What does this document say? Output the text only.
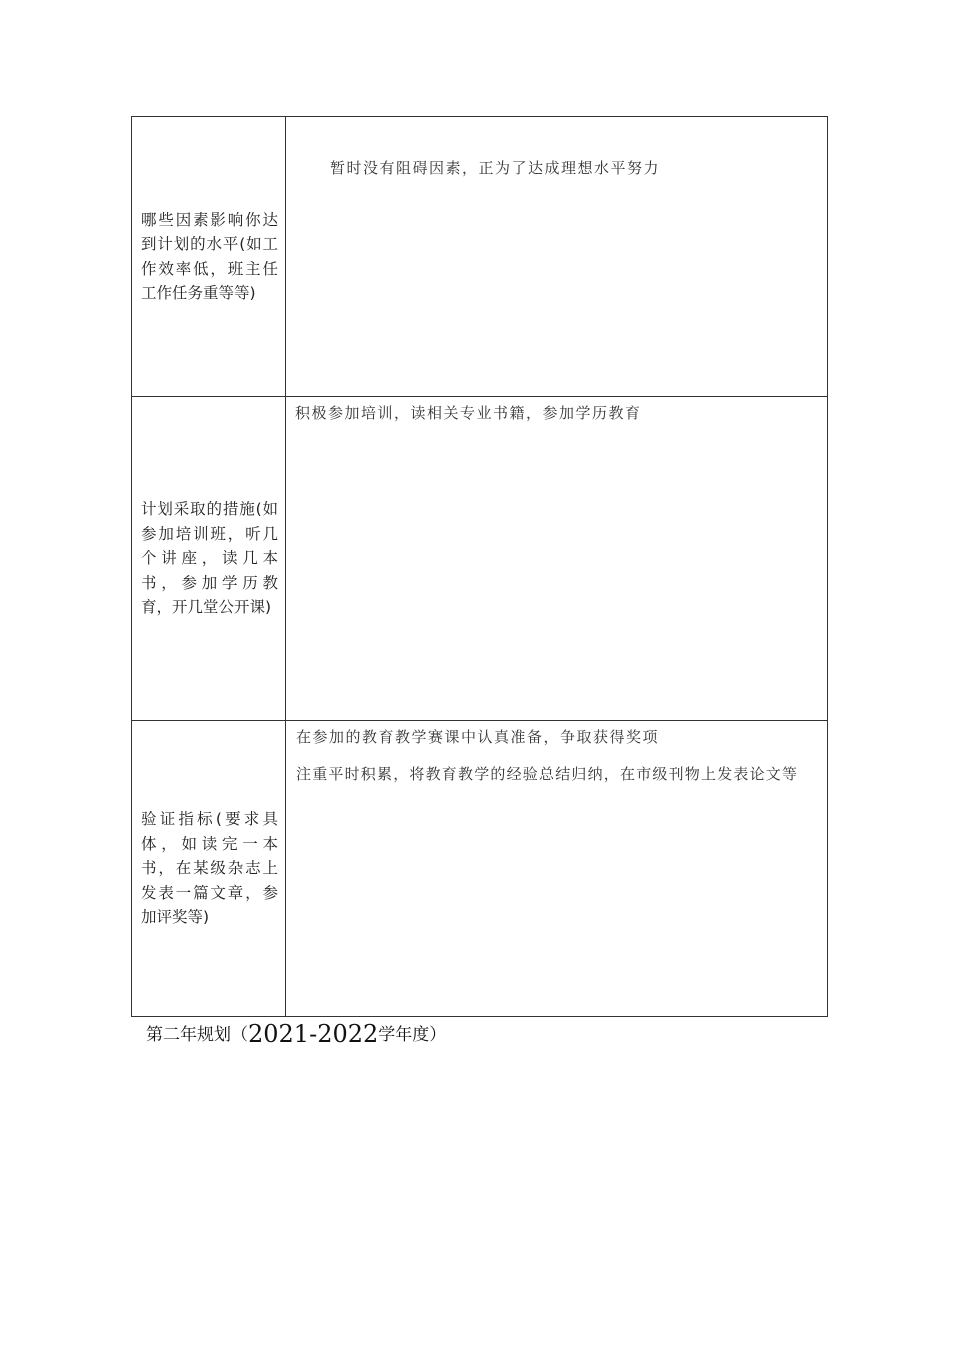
哪些因素影响你达到计划的水平(如工作效率低，班主任工作任务重等等)	暂时没有阻碍因素，正为了达成理想水平努力

计划采取的措施(如参加培训班，听几个讲座，读几本书，参加学历教育，开几堂公开课)	积极参加培训，读相关专业书籍，参加学历教育

验证指标(要求具体，如读完一本书，在某级杂志上发表一篇文章，参加评奖等)	在参加的教育教学赛课中认真准备，争取获得奖项

注重平时积累，将教育教学的经验总结归纳，在市级刊物上发表论文等

第二年规划（2021-2022学年度）
